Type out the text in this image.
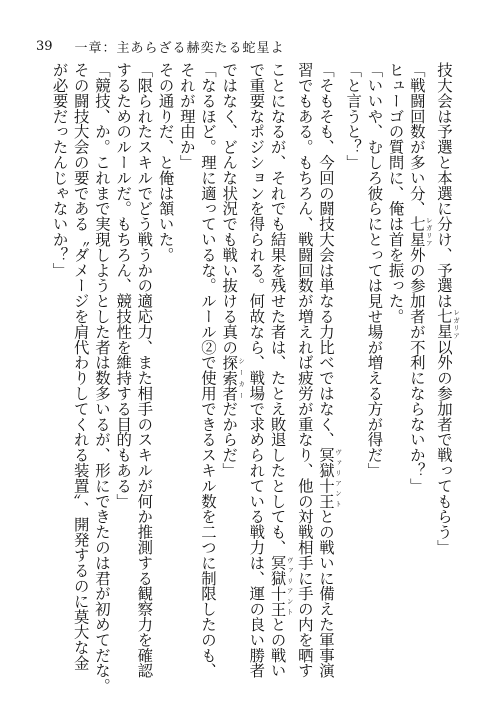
39 一章：主あらざる赫奕たる蛇星よ
技大会は予選と本選に分け、予選は七星 レガリア以外の参加者で戦ってもらう」
「戦闘回数が多い分、七星 レガリア外の参加者が不利にならないか？」
ヒューゴの質問に、俺は首を振った。
「いいや、むしろ彼らにとっては見せ場が増える方が得だ」
「と言うと？」
「そもそも、今回の闘技大会は単なる力比べではなく、冥獄十王 ヴァリアントとの戦いに備えた軍事演
習でもある。もちろん、戦闘回数が増えれば疲労が重なり、他の対戦相手に手の内を晒す
ことになるが、それでも結果を残せた者は、たとえ敗退したとしても、冥獄十王 ヴァリアントとの戦い
で重要なポジションを得られる。何故なら、戦場で求められている戦力は、運の良い勝者
ではなく、どんな状況でも戦い抜ける真の探索者 シーカーだからだ」
「なるほど。理に適っているな。ルール②で使用できるスキル数を二つに制限したのも、
それが理由か」
その通りだ、と俺は頷いた。
「限られたスキルでどう戦うかの適応力、また相手のスキルが何か推測する観察力を確認
するためのルールだ。もちろん、競技性を維持する目的もある」
「競技、か。これまで実現しようとした者は数多いるが、形にできたのは君が初めてだな。
その闘技大会の要である〝ダメージを肩代わりしてくれる装置〟、開発するのに莫大な金
が必要だったんじゃないか？」
